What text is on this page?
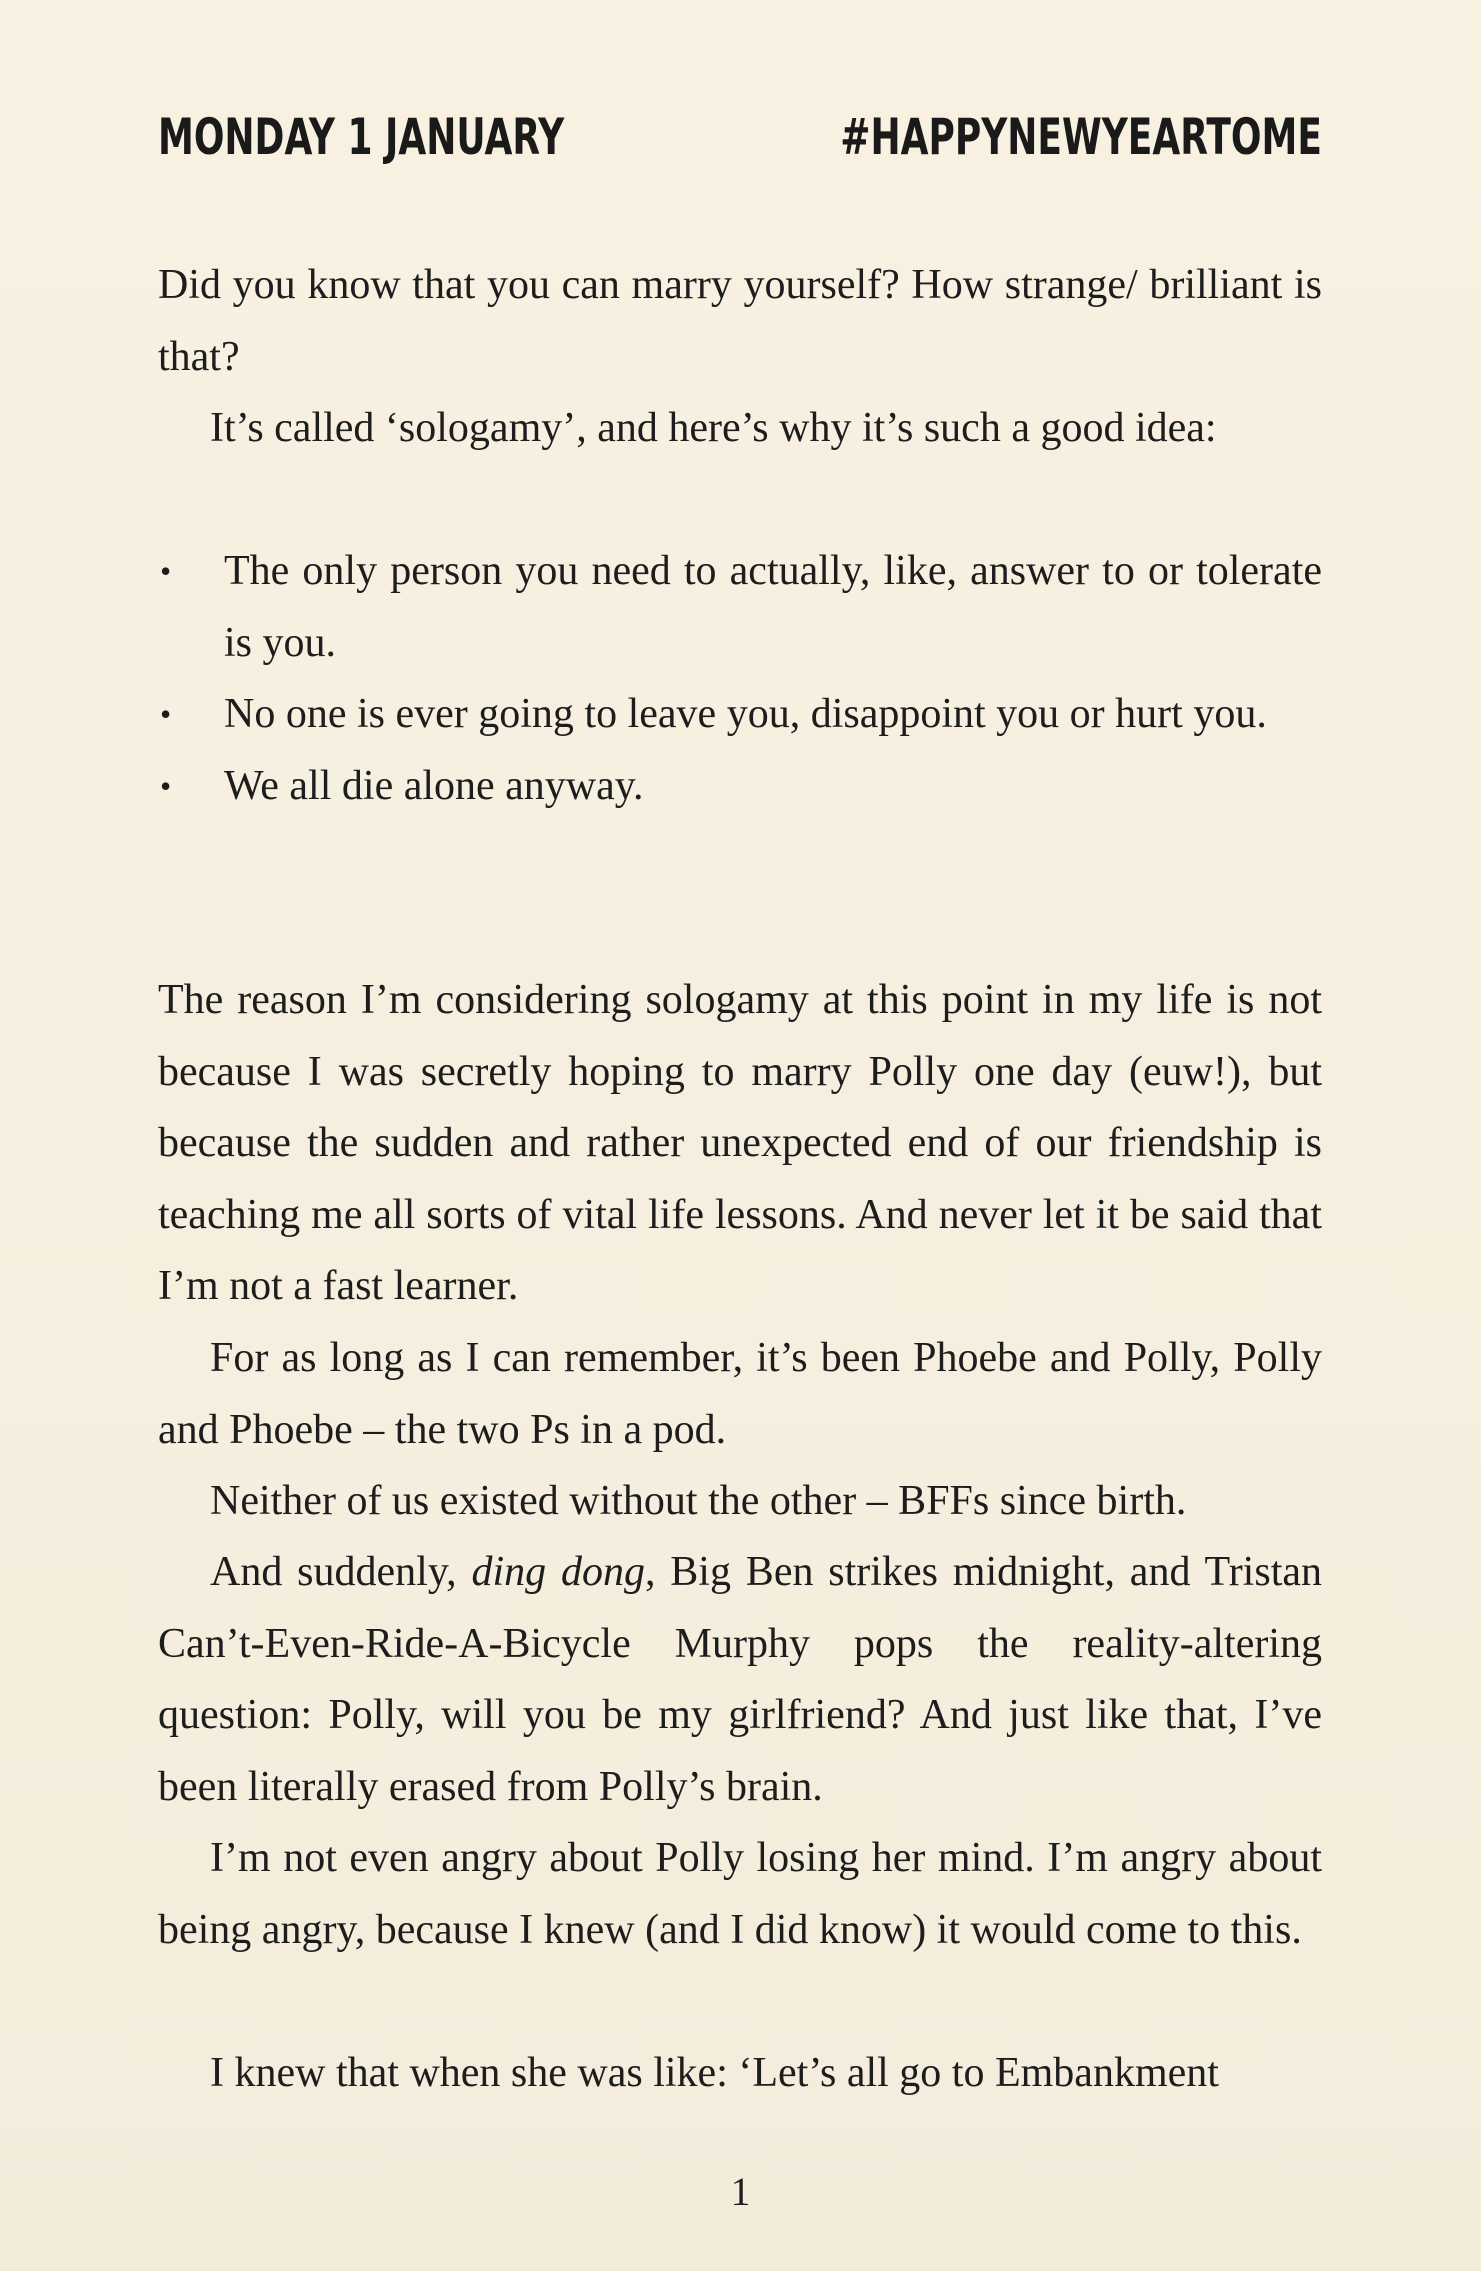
MONDAY 1 JANUARY	#HAPPYNEWYEARTOME

Did you know that you can marry yourself? How strange/ brilliant is that?

It’s called ‘sologamy’, and here’s why it’s such a good idea:

• The only person you need to actually, like, answer to or tolerate is you.
• No one is ever going to leave you, disappoint you or hurt you.
• We all die alone anyway.

The reason I’m considering sologamy at this point in my life is not because I was secretly hoping to marry Polly one day (euw!), but because the sudden and rather unexpected end of our friendship is teaching me all sorts of vital life lessons. And never let it be said that I’m not a fast learner.

For as long as I can remember, it’s been Phoebe and Polly, Polly and Phoebe – the two Ps in a pod.

Neither of us existed without the other – BFFs since birth.

And suddenly, ding dong, Big Ben strikes midnight, and Tristan Can’t-Even-Ride-A-Bicycle Murphy pops the reality-altering question: Polly, will you be my girlfriend? And just like that, I’ve been literally erased from Polly’s brain.

I’m not even angry about Polly losing her mind. I’m angry about being angry, because I knew (and I did know) it would come to this.

I knew that when she was like: ‘Let’s all go to Embankment

1
